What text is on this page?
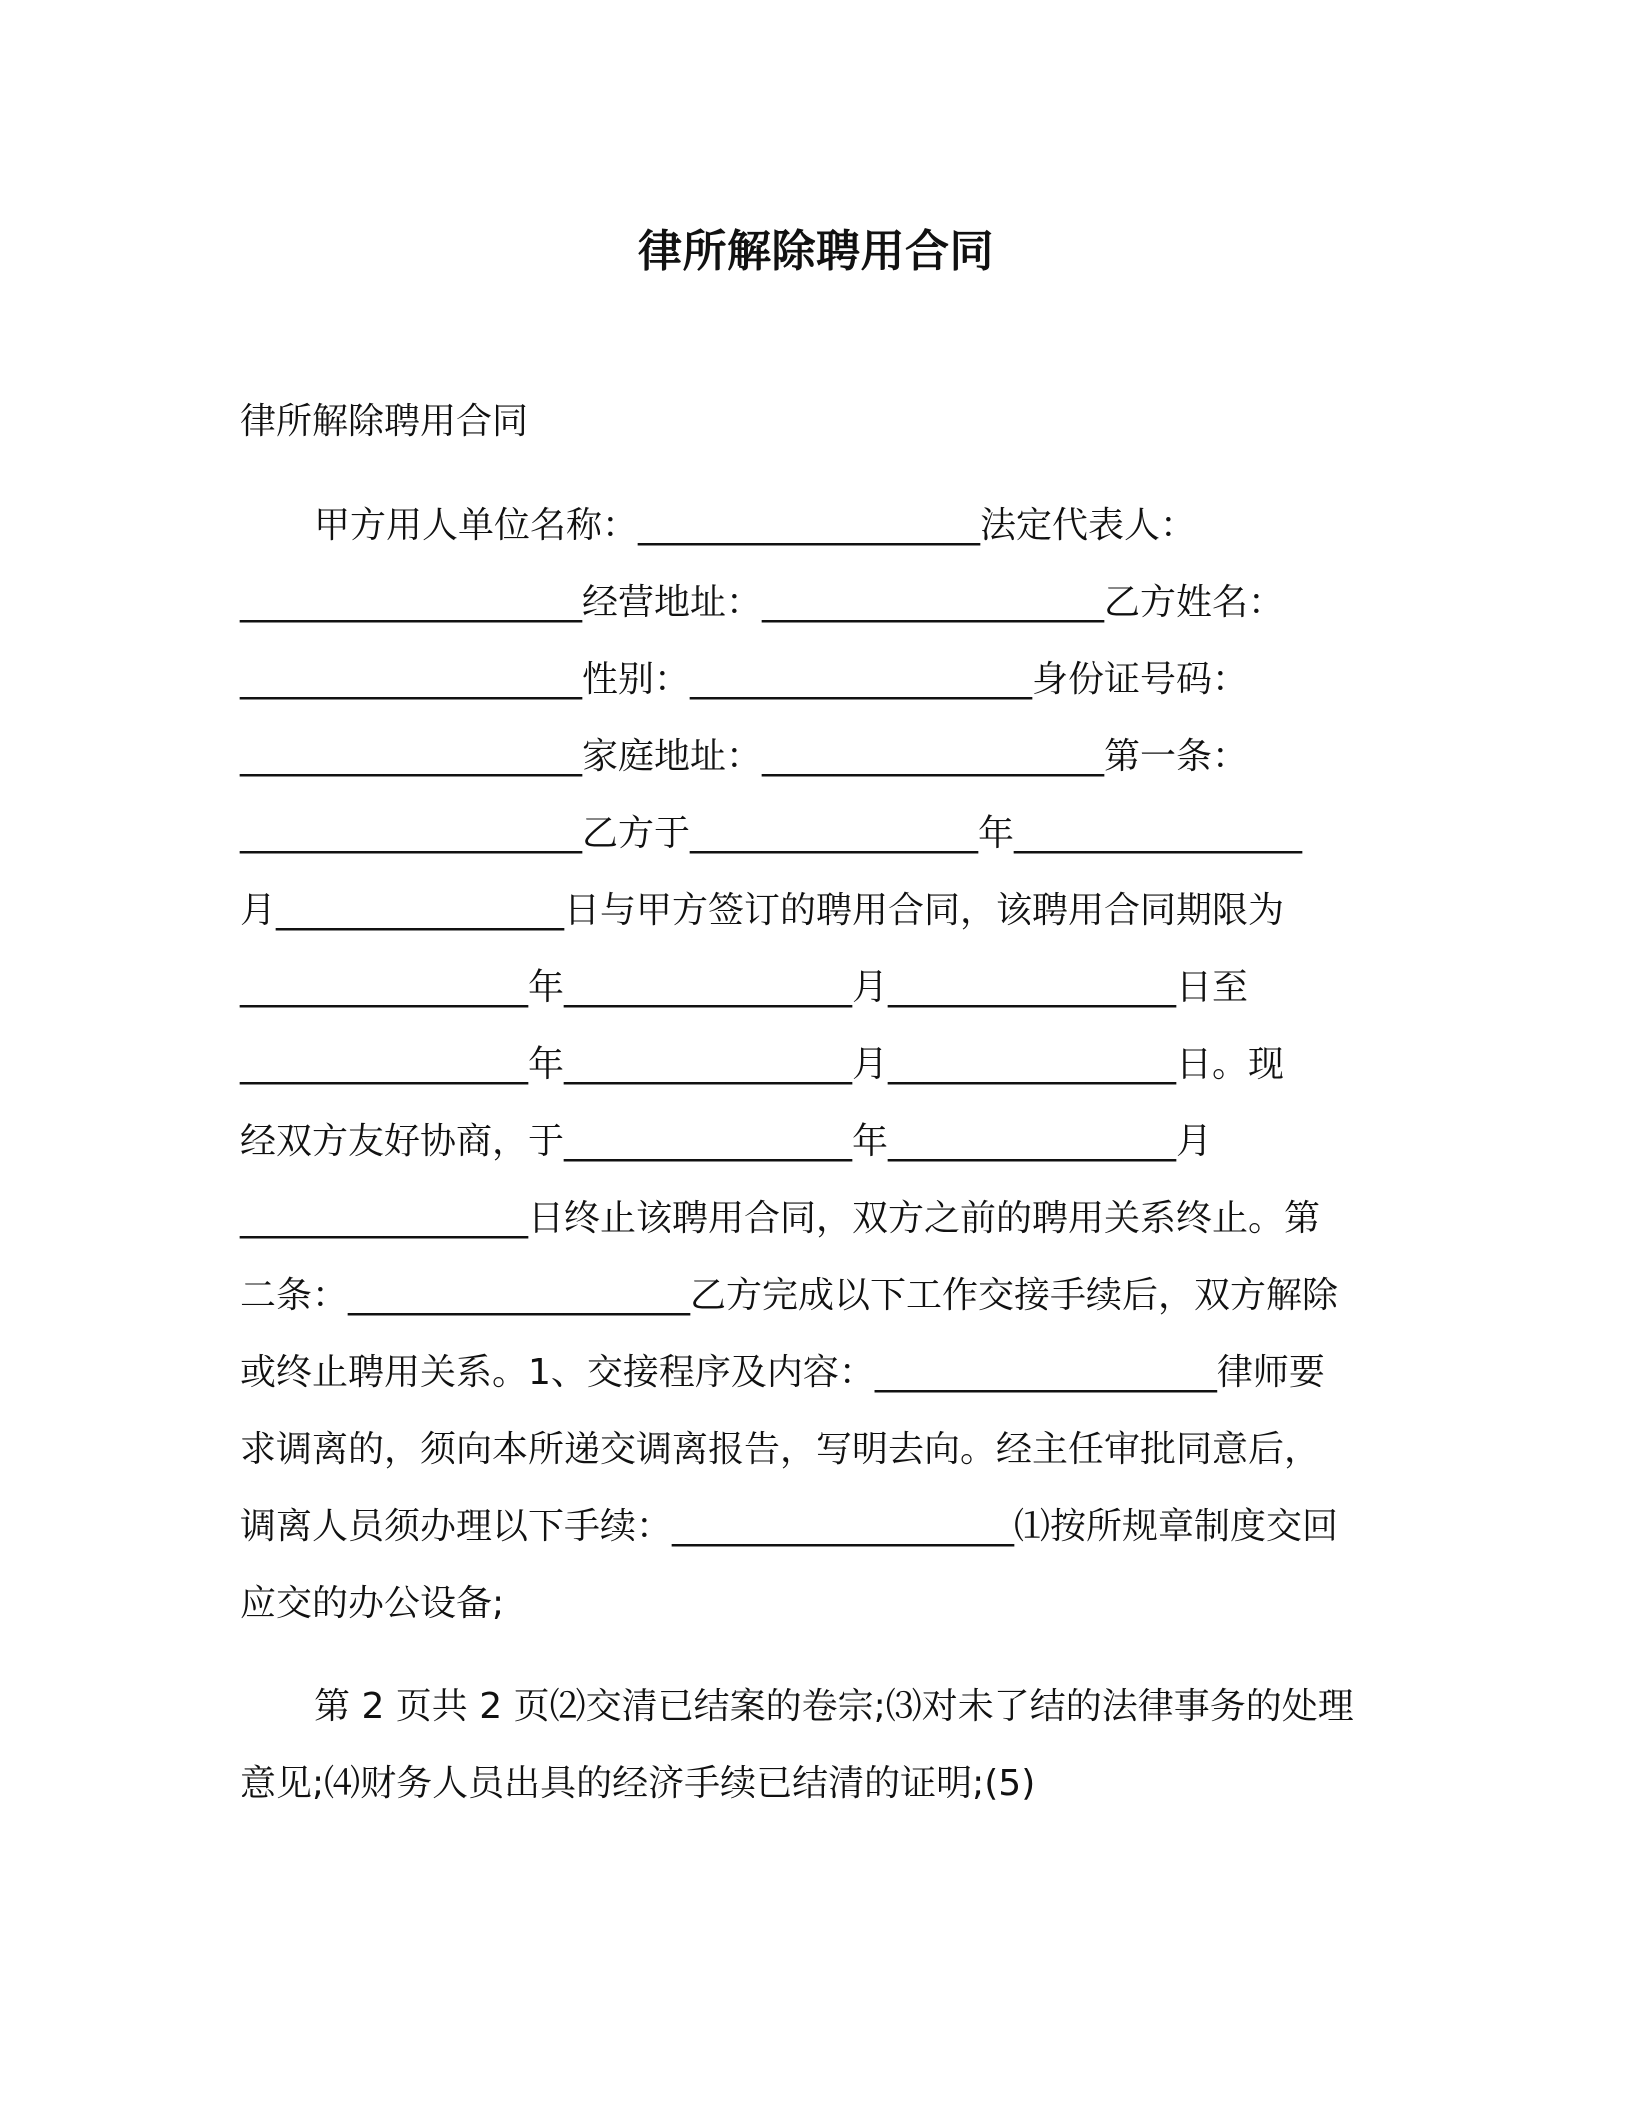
律所解除聘用合同
律所解除聘用合同
甲方用人单位名称：___________________法定代表人：
___________________经营地址：___________________乙方姓名：
___________________性别：___________________身份证号码：
___________________家庭地址：___________________第一条：
___________________乙方于________________年________________
月________________日与甲方签订的聘用合同，该聘用合同期限为
________________年________________月________________日至
________________年________________月________________日。现
经双方友好协商，于________________年________________月
________________日终止该聘用合同，双方之前的聘用关系终止。第
二条：___________________乙方完成以下工作交接手续后，双方解除
或终止聘用关系。1、交接程序及内容：___________________律师要
求调离的，须向本所递交调离报告，写明去向。经主任审批同意后，
调离人员须办理以下手续：___________________⑴按所规章制度交回
应交的办公设备;
第 2 页共 2 页⑵交清已结案的卷宗;⑶对未了结的法律事务的处理
意见;⑷财务人员出具的经济手续已结清的证明;(5)
